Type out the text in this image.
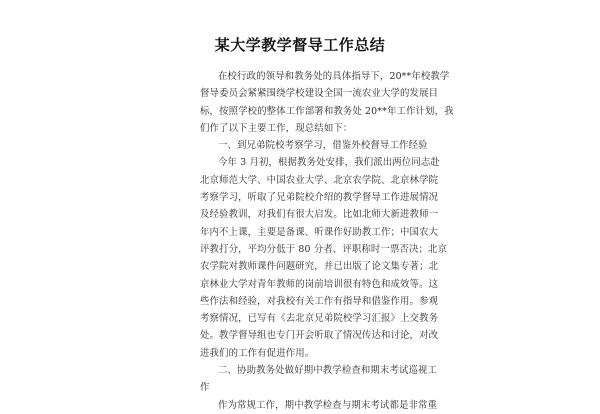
某大学教学督导工作总结
在校行政的领导和教务处的具体指导下，20**年校教学
督导委员会紧紧围绕学校建设全国一流农业大学的发展目
标，按照学校的整体工作部署和教务处 20**年工作计划，我
们作了以下主要工作，现总结如下：
一、到兄弟院校考察学习，借鉴外校督导工作经验
今年 3 月初，根据教务处安排，我们派出两位同志赴
北京师范大学、中国农业大学、北京农学院、北京林学院
考察学习，听取了兄弟院校介绍的教学督导工作进展情况
及经验教训，对我们有很大启发。比如北师大新进教师一
年内不上课，主要是备课、听课作好助教工作；中国农大
评教打分，平均分低于 80 分者、评职称时一票否决；北京
农学院对教师课件问题研究，并已出版了论文集专著；北
京林业大学对青年教师的岗前培训很有特色和成效等。这
些作法和经验，对我校有关工作有指导和借鉴作用。参观
考察情况，已写有《去北京兄弟院校学习汇报》上交教务
处。教学督导组也专门开会听取了情况传达和讨论，对改
进我们的工作有促进作用。
二、协助教务处做好期中教学检查和期末考试巡视工
作
作为常规工作，期中教学检查与期末考试都是非常重
